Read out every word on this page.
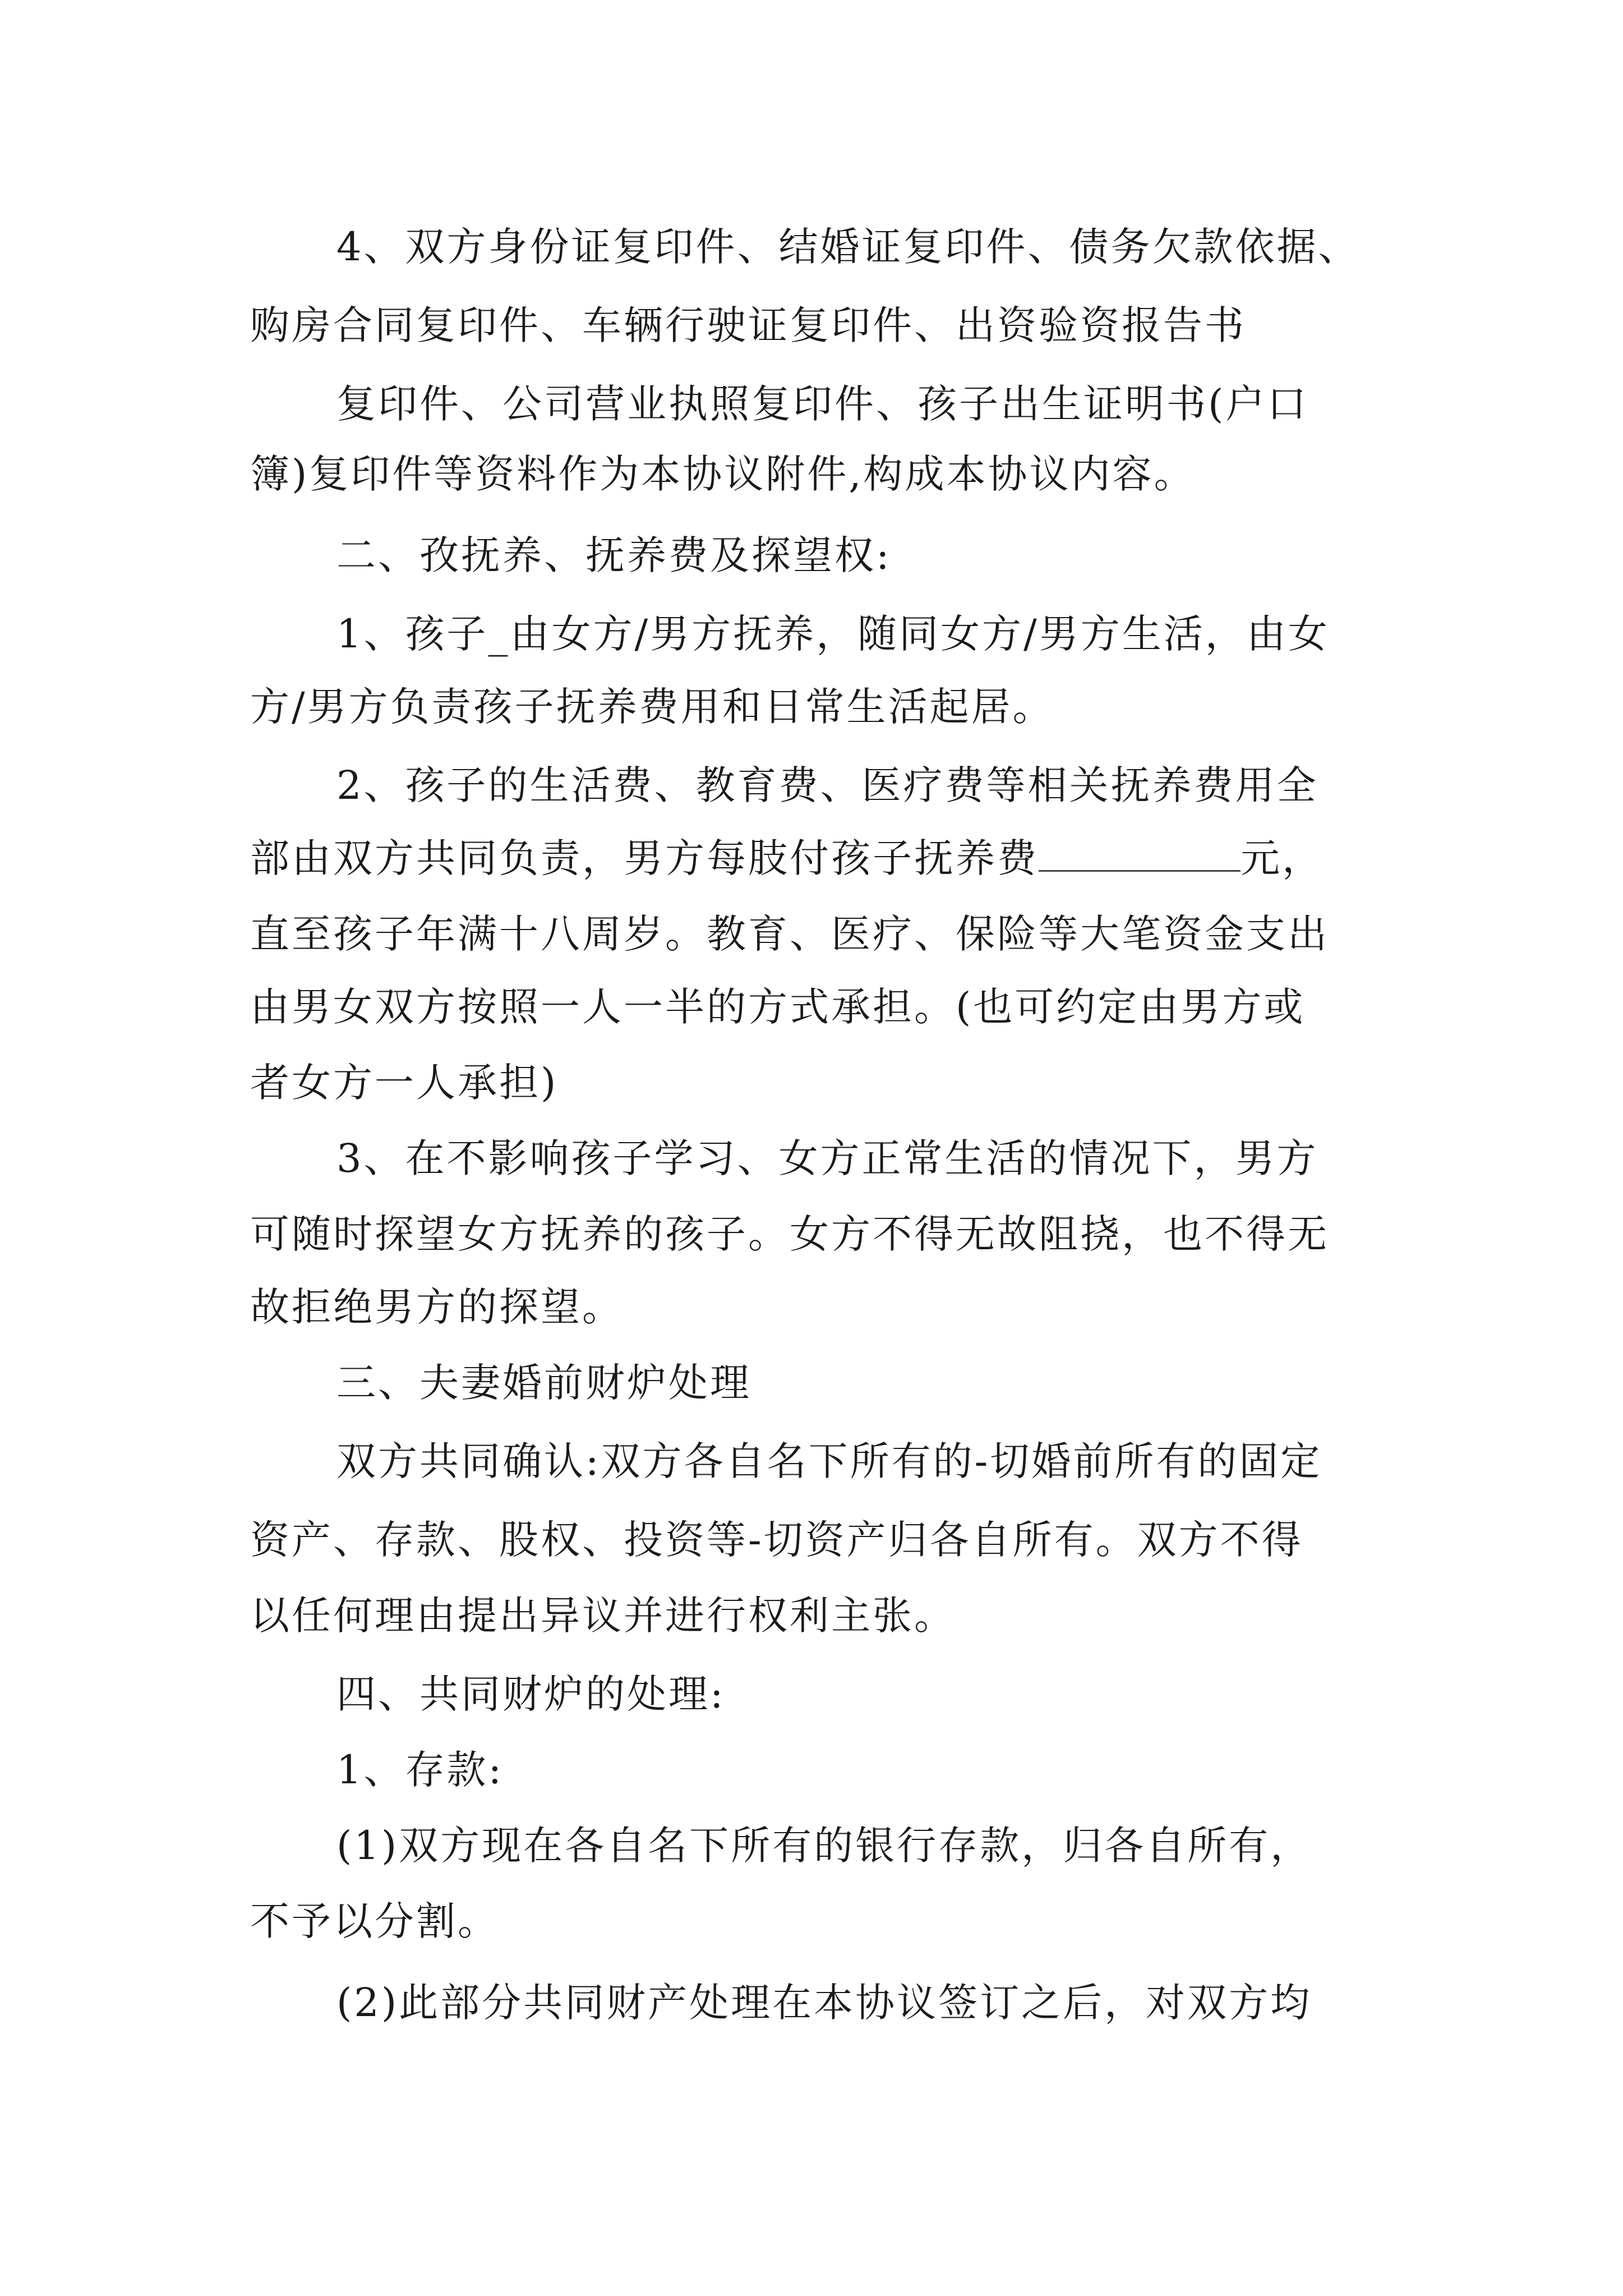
4、双方身份证复印件、结婚证复印件、债务欠款依据、
购房合同复印件、车辆行驶证复印件、出资验资报告书
复印件、公司营业执照复印件、孩子出生证明书(户口
簿)复印件等资料作为本协议附件,构成本协议内容。
二、孜抚养、抚养费及探望权:
1、孩子_由女方/男方抚养，随同女方/男方生活，由女
方/男方负责孩子抚养费用和日常生活起居。
2、孩子的生活费、教育费、医疗费等相关抚养费用全
部由双方共同负责，男方每肢付孩子抚养费	元，
直至孩子年满十八周岁。教育、医疗、保险等大笔资金支出
由男女双方按照一人一半的方式承担。(也可约定由男方或
者女方一人承担)
3、在不影响孩子学习、女方正常生活的情况下，男方
可随时探望女方抚养的孩子。女方不得无故阻挠，也不得无
故拒绝男方的探望。
三、夫妻婚前财炉处理
双方共同确认:双方各自名下所有的-切婚前所有的固定
资产、存款、股权、投资等-切资产归各自所有。双方不得
以任何理由提出异议并进行权利主张。
四、共同财炉的处理:
1、存款:
(1)双方现在各自名下所有的银行存款，归各自所有，
不予以分割。
(2)此部分共同财产处理在本协议签订之后，对双方均
